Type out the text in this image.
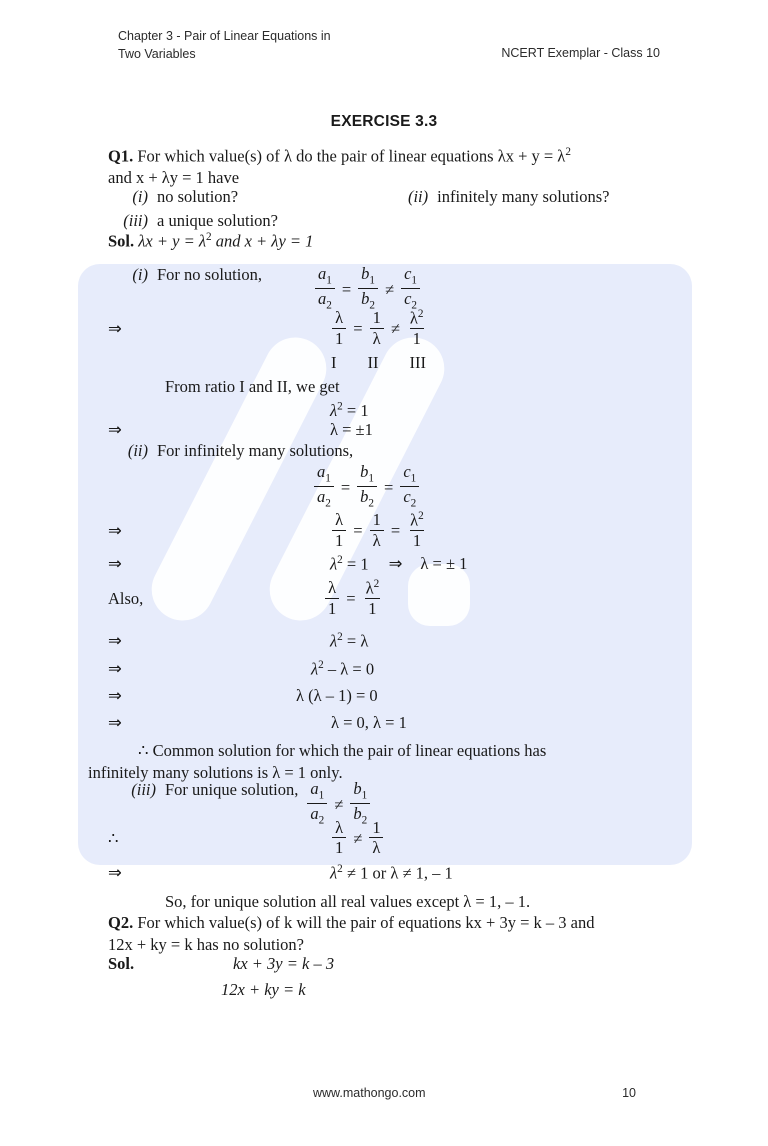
Chapter 3 - Pair of Linear Equations in
Two Variables	NCERT Exemplar - Class 10
EXERCISE 3.3
Q1. For which value(s) of λ do the pair of linear equations $\lambda x + y = \lambda^2$
and x + λy = 1 have
(i) no solution?	(ii) infinitely many solutions?
(iii) a unique solution?
Sol. $\lambda x + y = \lambda^2$ and x + λy = 1
(i) For no solution,	$\frac{a_1}{a_2} = \frac{b_1}{b_2} \ne \frac{c_1}{c_2}$
⇒	$\frac{\lambda}{1} = \frac{1}{\lambda} \ne \frac{\lambda^2}{1}$
I II III
From ratio I and II, we get
$\lambda^2 = 1$
⇒	λ = ±1
(ii) For infinitely many solutions,
$\frac{a_1}{a_2} = \frac{b_1}{b_2} = \frac{c_1}{c_2}$
⇒	$\frac{\lambda}{1} = \frac{1}{\lambda} = \frac{\lambda^2}{1}$
⇒	$\lambda^2 = 1$ ⇒ λ = ± 1
Also,	$\frac{\lambda}{1} = \frac{\lambda^2}{1}$
⇒	$\lambda^2 = \lambda$
⇒	$\lambda^2 - \lambda = 0$
⇒	λ (λ – 1) = 0
⇒	λ = 0, λ = 1
∴ Common solution for which the pair of linear equations has
infinitely many solutions is λ = 1 only.
(iii) For unique solution, $\frac{a_1}{a_2} \ne \frac{b_1}{b_2}$
∴	$\frac{\lambda}{1} \ne \frac{1}{\lambda}$
⇒	$\lambda^2 \ne 1$ or λ ≠ 1, – 1
So, for unique solution all real values except λ = 1, – 1.
Q2. For which value(s) of k will the pair of equations kx + 3y = k – 3 and
12x + ky = k has no solution?
Sol.	kx + 3y = k – 3
12x + ky = k
www.mathongo.com	10
